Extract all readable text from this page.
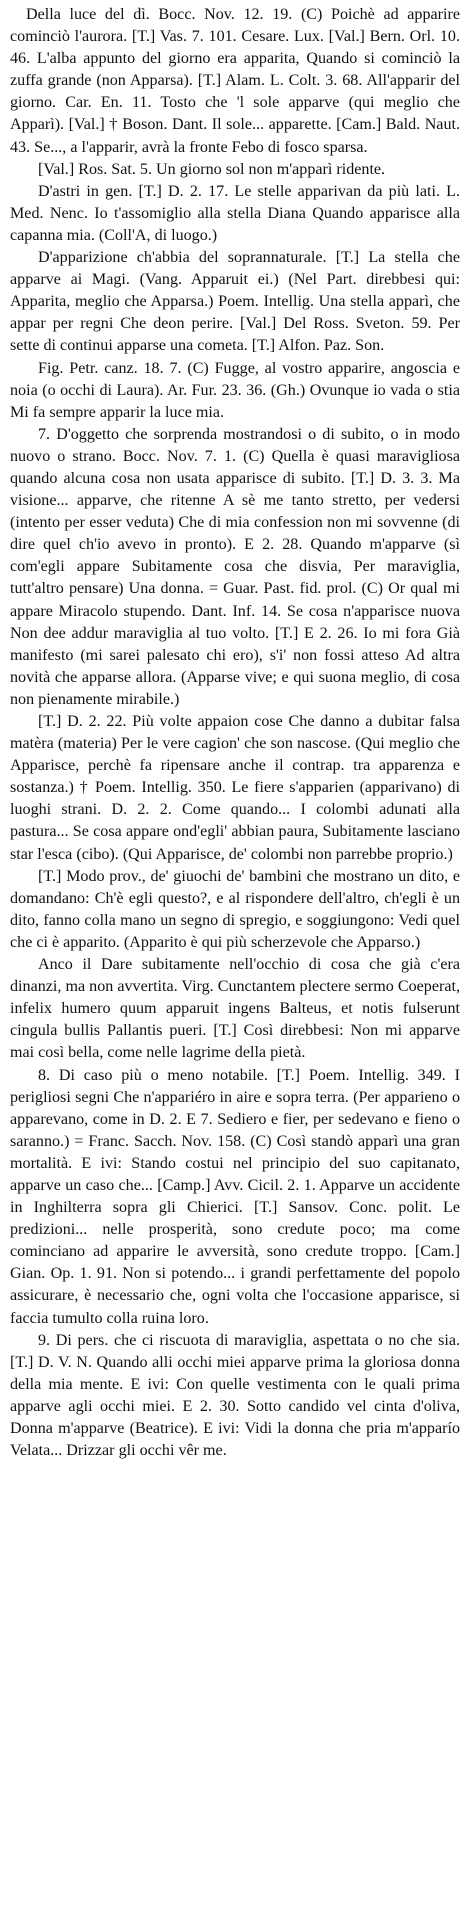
Della luce del dì. Bocc. Nov. 12. 19. (C) Poichè ad apparire cominciò l'aurora. [T.] Vas. 7. 101. Cesare. Lux. [Val.] Bern. Orl. 10. 46. L'alba appunto del giorno era apparita, Quando si cominciò la zuffa grande (non Apparsa). [T.] Alam. L. Colt. 3. 68. All'apparir del giorno. Car. En. 11. Tosto che 'l sole apparve (qui meglio che Apparì). [Val.] † Boson. Dant. Il sole... apparette. [Cam.] Bald. Naut. 43. Se..., a l'apparir, avrà la fronte Febo di fosco sparsa.

[Val.] Ros. Sat. 5. Un giorno sol non m'apparì ridente.

D'astri in gen. [T.] D. 2. 17. Le stelle apparivan da più lati. L. Med. Nenc. Io t'assomiglio alla stella Diana Quando apparisce alla capanna mia. (Coll'A, di luogo.)

D'apparizione ch'abbia del soprannaturale. [T.] La stella che apparve ai Magi. (Vang. Apparuit ei.) (Nel Part. direbbesi qui: Apparita, meglio che Apparsa.) Poem. Intellig. Una stella apparì, che appar per regni Che deon perire. [Val.] Del Ross. Sveton. 59. Per sette di continui apparse una cometa. [T.] Alfon. Paz. Son.

Fig. Petr. canz. 18. 7. (C) Fugge, al vostro apparire, angoscia e noia (o occhi di Laura). Ar. Fur. 23. 36. (Gh.) Ovunque io vada o stia Mi fa sempre apparir la luce mia.

7. D'oggetto che sorprenda mostrandosi o di subito, o in modo nuovo o strano. Bocc. Nov. 7. 1. (C) Quella è quasi maravigliosa quando alcuna cosa non usata apparisce di subito. [T.] D. 3. 3. Ma visione... apparve, che ritenne A sè me tanto stretto, per vedersi (intento per esser veduta) Che di mia confession non mi sovvenne (di dire quel ch'io avevo in pronto). E 2. 28. Quando m'apparve (sì com'egli appare Subitamente cosa che disvia, Per maraviglia, tutt'altro pensare) Una donna. = Guar. Past. fid. prol. (C) Or qual mi appare Miracolo stupendo. Dant. Inf. 14. Se cosa n'apparisce nuova Non dee addur maraviglia al tuo volto. [T.] E 2. 26. Io mi fora Già manifesto (mi sarei palesato chi ero), s'i' non fossi atteso Ad altra novità che apparse allora. (Apparse vive; e qui suona meglio, di cosa non pienamente mirabile.)

[T.] D. 2. 22. Più volte appaion cose Che danno a dubitar falsa matèra (materia) Per le vere cagion' che son nascose. (Qui meglio che Apparisce, perchè fa ripensare anche il contrap. tra apparenza e sostanza.) † Poem. Intellig. 350. Le fiere s'apparien (apparivano) di luoghi strani. D. 2. 2. Come quando... I colombi adunati alla pastura... Se cosa appare ond'egli' abbian paura, Subitamente lasciano star l'esca (cibo). (Qui Apparisce, de' colombi non parrebbe proprio.)

[T.] Modo prov., de' giuochi de' bambini che mostrano un dito, e domandano: Ch'è egli questo?, e al rispondere dell'altro, ch'egli è un dito, fanno colla mano un segno di spregio, e soggiungono: Vedi quel che ci è apparito. (Apparito è qui più scherzevole che Apparso.)

Anco il Dare subitamente nell'occhio di cosa che già c'era dinanzi, ma non avvertita. Virg. Cunctantem plectere sermo Coeperat, infelix humero quum apparuit ingens Balteus, et notis fulserunt cingula bullis Pallantis pueri. [T.] Così direbbesi: Non mi apparve mai così bella, come nelle lagrime della pietà.

8. Di caso più o meno notabile. [T.] Poem. Intellig. 349. I perigliosi segni Che n'appariéro in aire e sopra terra. (Per apparieno o apparevano, come in D. 2. E 7. Sediero e fier, per sedevano e fieno o saranno.) = Franc. Sacch. Nov. 158. (C) Così standò apparì una gran mortalità. E ivi: Stando costui nel principio del suo capitanato, apparve un caso che... [Camp.] Avv. Cicil. 2. 1. Apparve un accidente in Inghilterra sopra gli Chierici. [T.] Sansov. Conc. polit. Le predizioni... nelle prosperità, sono credute poco; ma come cominciano ad apparire le avversità, sono credute troppo. [Cam.] Gian. Op. 1. 91. Non si potendo... i grandi perfettamente del popolo assicurare, è necessario che, ogni volta che l'occasione apparisce, si faccia tumulto colla ruina loro.

9. Di pers. che ci riscuota di maraviglia, aspettata o no che sia. [T.] D. V. N. Quando alli occhi miei apparve prima la gloriosa donna della mia mente. E ivi: Con quelle vestimenta con le quali prima apparve agli occhi miei. E 2. 30. Sotto candido vel cinta d'oliva, Donna m'apparve (Beatrice). E ivi: Vidi la donna che pria m'apparío Velata... Drizzar gli occhi vêr me.
